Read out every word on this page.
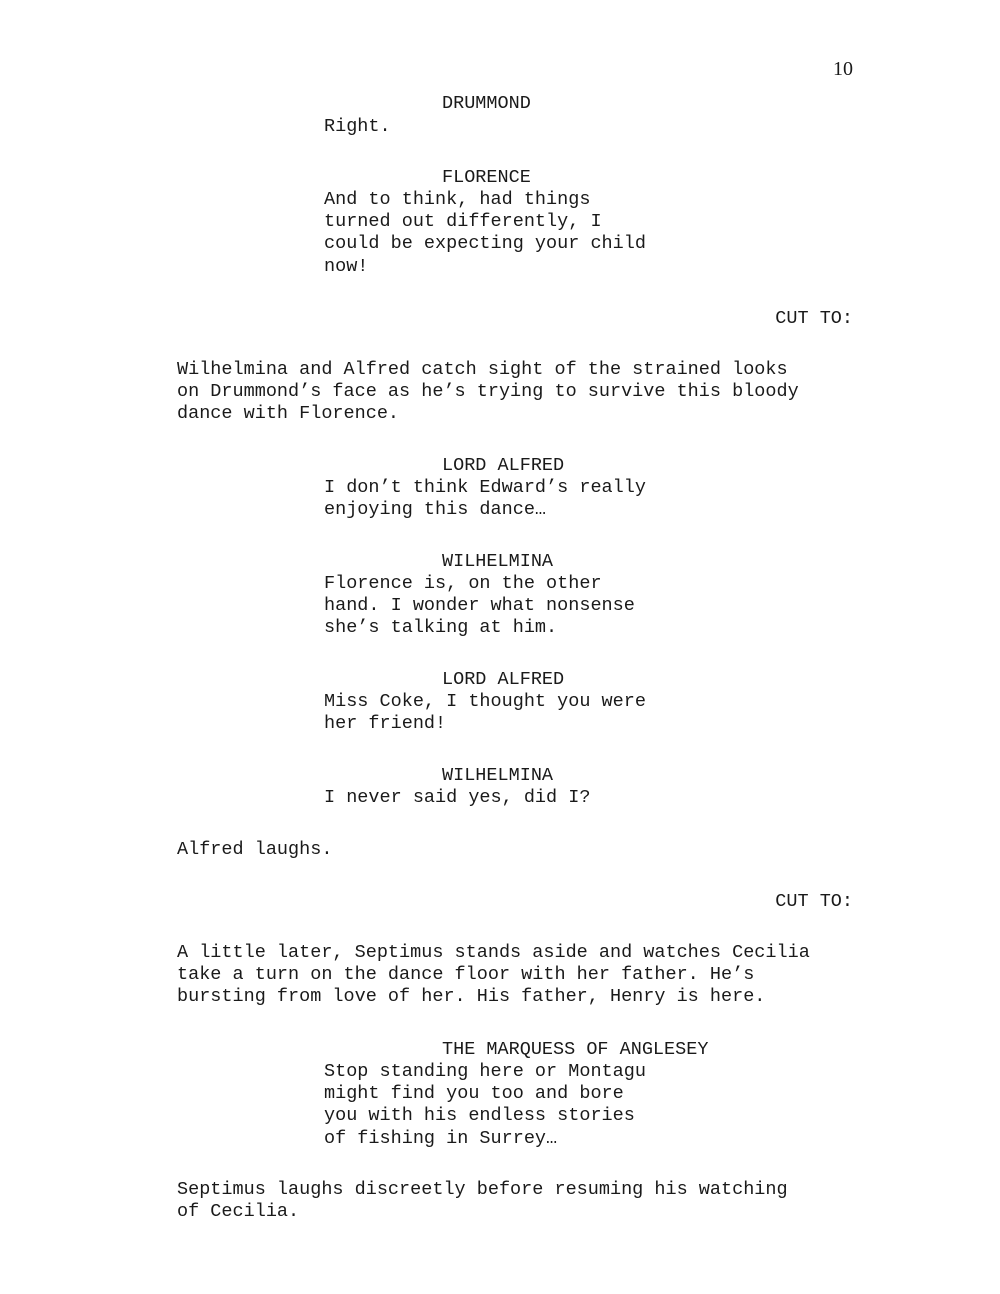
10
DRUMMOND
Right.
FLORENCE
And to think, had things
turned out differently, I
could be expecting your child
now!
CUT TO:
Wilhelmina and Alfred catch sight of the strained looks
on Drummond’s face as he’s trying to survive this bloody
dance with Florence.
LORD ALFRED
I don’t think Edward’s really
enjoying this dance…
WILHELMINA
Florence is, on the other
hand. I wonder what nonsense
she’s talking at him.
LORD ALFRED
Miss Coke, I thought you were
her friend!
WILHELMINA
I never said yes, did I?
Alfred laughs.
CUT TO:
A little later, Septimus stands aside and watches Cecilia
take a turn on the dance floor with her father. He’s
bursting from love of her. His father, Henry is here.
THE MARQUESS OF ANGLESEY
Stop standing here or Montagu
might find you too and bore
you with his endless stories
of fishing in Surrey…
Septimus laughs discreetly before resuming his watching
of Cecilia.
